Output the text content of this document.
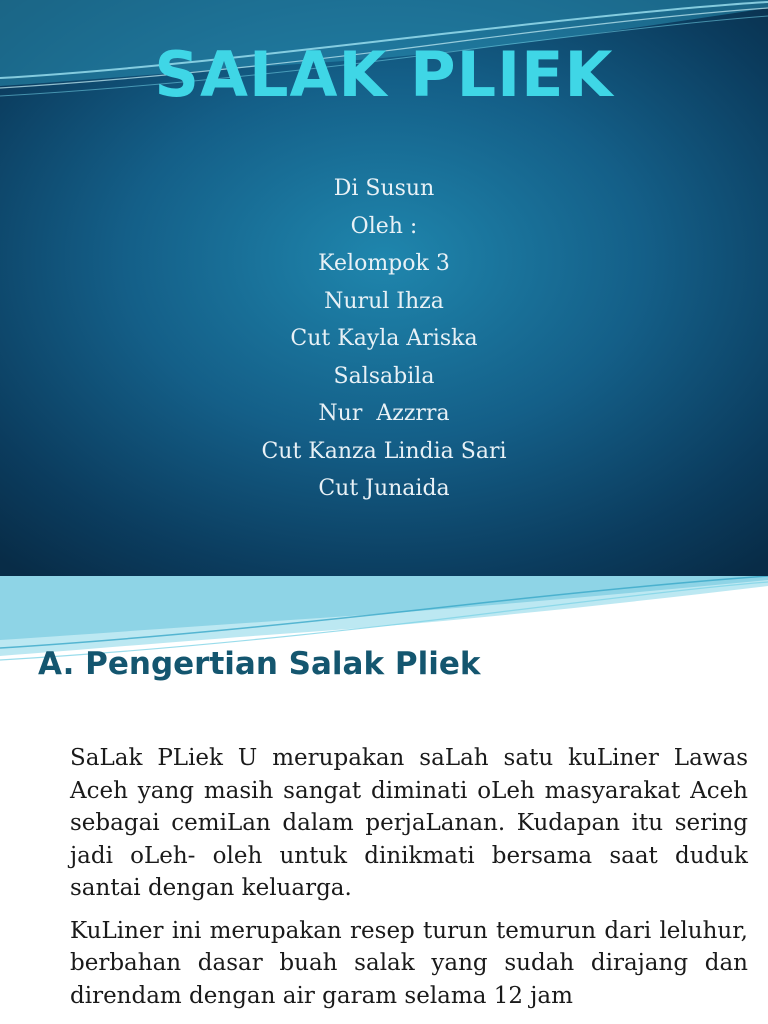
SALAK PLIEK
Di Susun
Oleh :
Kelompok 3
Nurul Ihza
Cut Kayla Ariska
Salsabila
Nur  Azzrra
Cut Kanza Lindia Sari
Cut Junaida
A. Pengertian Salak Pliek

SaLak PLiek U merupakan saLah satu kuLiner Lawas Aceh yang masih sangat diminati oLeh masyarakat Aceh sebagai cemiLan dalam perjaLanan. Kudapan itu sering jadi oLeh- oleh untuk dinikmati bersama saat duduk santai dengan keluarga.

KuLiner ini merupakan resep turun temurun dari leluhur, berbahan dasar buah salak yang sudah dirajang dan direndam dengan air garam selama 12 jam
